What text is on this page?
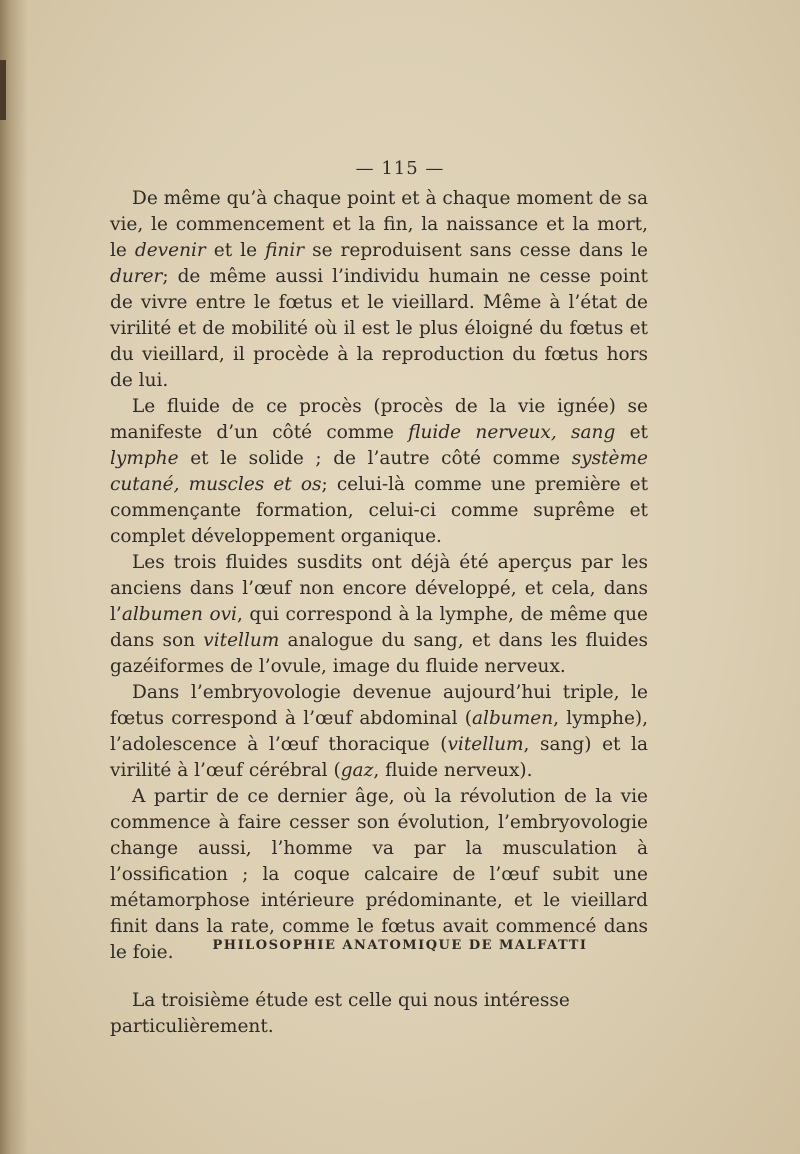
— 115 —

De même qu’à chaque point et à chaque moment de sa vie, le commencement et la fin, la naissance et la mort, le devenir et le finir se reproduisent sans cesse dans le durer; de même aussi l’individu humain ne cesse point de vivre entre le fœtus et le vieillard. Même à l’état de virilité et de mobilité où il est le plus éloigné du fœtus et du vieillard, il procède à la reproduction du fœtus hors de lui.

Le fluide de ce procès (procès de la vie ignée) se manifeste d’un côté comme fluide nerveux, sang et lymphe et le solide ; de l’autre côté comme système cutané, muscles et os; celui-là comme une première et commençante formation, celui-ci comme suprême et complet développement organique.

Les trois fluides susdits ont déjà été aperçus par les anciens dans l’œuf non encore développé, et cela, dans l’albumen ovi, qui correspond à la lymphe, de même que dans son vitellum analogue du sang, et dans les fluides gazéiformes de l’ovule, image du fluide nerveux.

Dans l’embryovologie devenue aujourd’hui triple, le fœtus correspond à l’œuf abdominal (albumen, lymphe), l’adolescence à l’œuf thoracique (vitellum, sang) et la virilité à l’œuf cérébral (gaz, fluide nerveux).

A partir de ce dernier âge, où la révolution de la vie commence à faire cesser son évolution, l’embryovologie change aussi, l’homme va par la musculation à l’ossification ; la coque calcaire de l’œuf subit une métamorphose intérieure prédominante, et le vieillard finit dans la rate, comme le fœtus avait commencé dans le foie.	PHILOSOPHIE ANATOMIQUE DE MALFATTI
La troisième étude est celle qui nous intéresse particulièrement.
